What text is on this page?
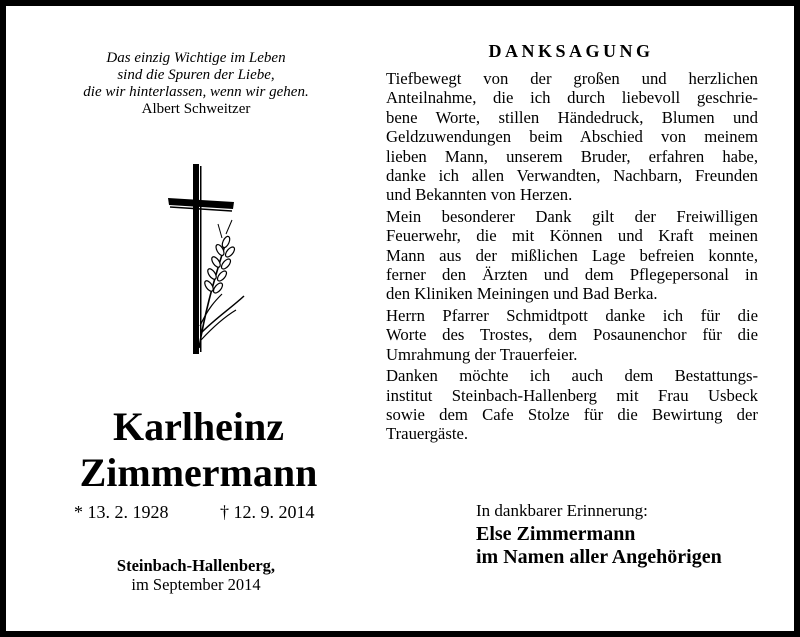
Das einzig Wichtige im Leben
sind die Spuren der Liebe,
die wir hinterlassen, wenn wir gehen.
Albert Schweitzer
Karlheinz
Zimmermann
* 13. 2. 1928	† 12. 9. 2014
Steinbach-Hallenberg,
im September 2014
DANKSAGUNG

Tiefbewegt von der großen und herzlichen
Anteilnahme, die ich durch liebevoll geschrie-
bene Worte, stillen Händedruck, Blumen und
Geldzuwendungen beim Abschied von meinem
lieben Mann, unserem Bruder, erfahren habe,
danke ich allen Verwandten, Nachbarn, Freunden
und Bekannten von Herzen.

Mein besonderer Dank gilt der Freiwilligen
Feuerwehr, die mit Können und Kraft meinen
Mann aus der mißlichen Lage befreien konnte,
ferner den Ärzten und dem Pflegepersonal in
den Kliniken Meiningen und Bad Berka.

Herrn Pfarrer Schmidtpott danke ich für die
Worte des Trostes, dem Posaunenchor für die
Umrahmung der Trauerfeier.

Danken möchte ich auch dem Bestattungs-
institut Steinbach-Hallenberg mit Frau Usbeck
sowie dem Cafe Stolze für die Bewirtung der
Trauergäste.

In dankbarer Erinnerung:
Else Zimmermann
im Namen aller Angehörigen
